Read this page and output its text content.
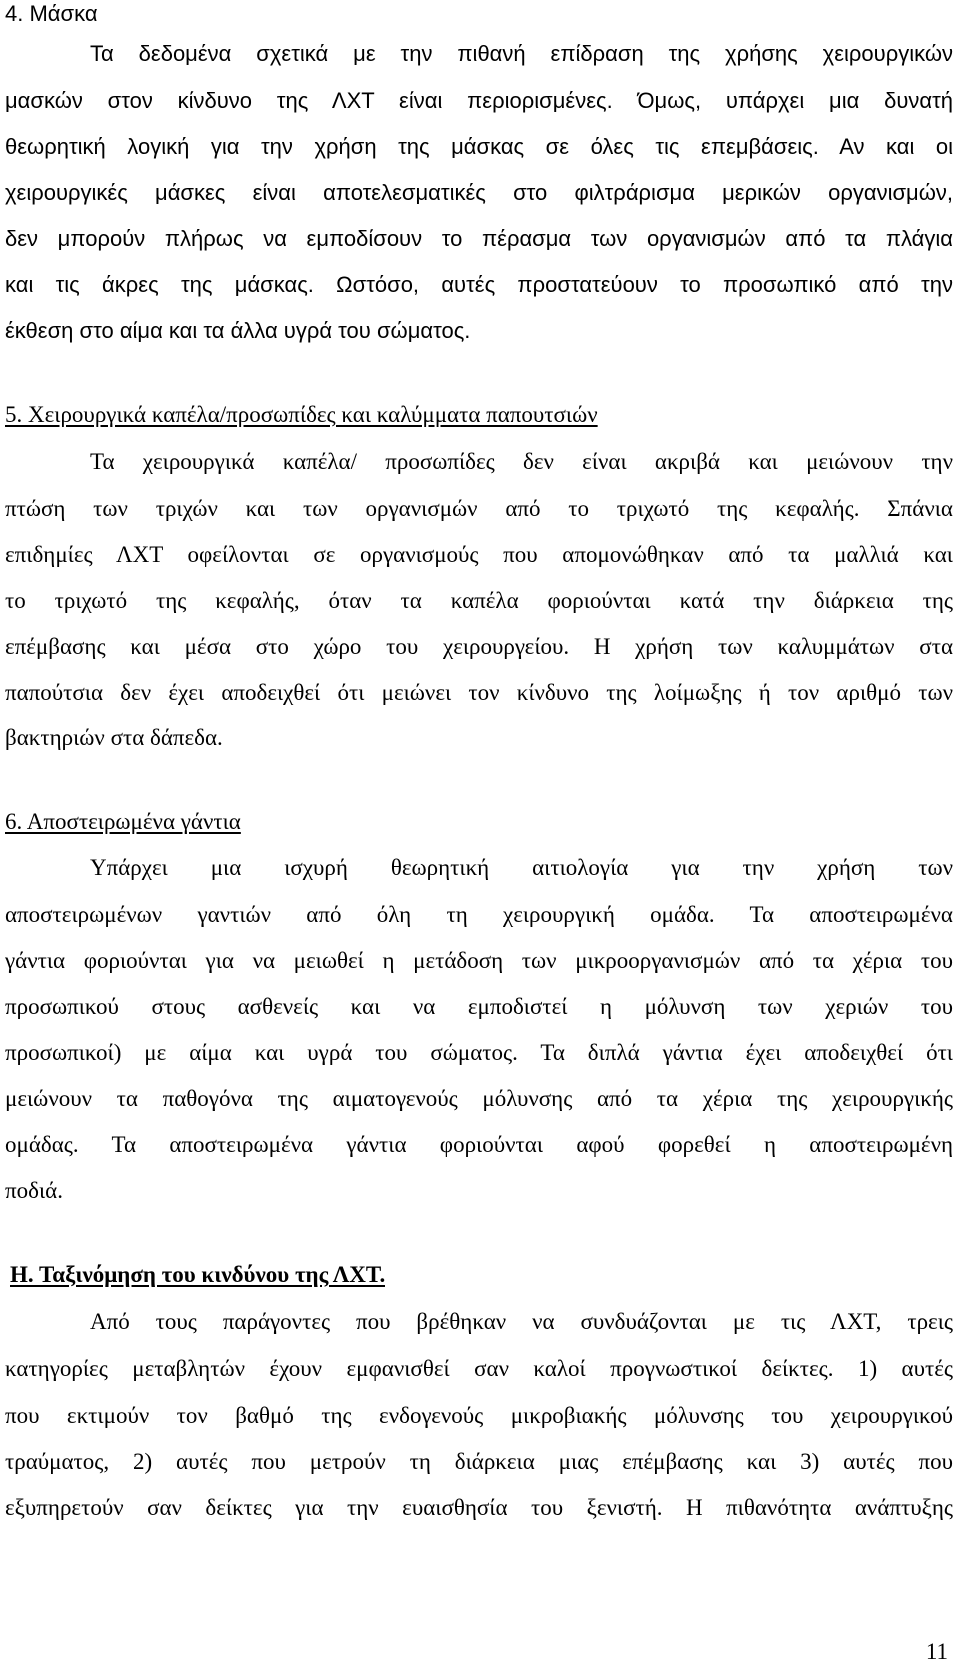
4. Μάσκα
Τα δεδομένα σχετικά με την πιθανή επίδραση της χρήσης χειρουργικών
μασκών στον κίνδυνο της ΛΧΤ είναι περιορισμένες. Όμως, υπάρχει μια δυνατή
θεωρητική λογική για την χρήση της μάσκας σε όλες τις επεμβάσεις. Αν και οι
χειρουργικές μάσκες είναι αποτελεσματικές στο φιλτράρισμα μερικών οργανισμών,
δεν μπορούν πλήρως να εμποδίσουν το πέρασμα των οργανισμών από τα πλάγια
και τις άκρες της μάσκας. Ωστόσο, αυτές προστατεύουν το προσωπικό από την
έκθεση στο αίμα και τα άλλα υγρά του σώματος.
5. Χειρουργικά καπέλα/προσωπίδες και καλύμματα παπουτσιών
Τα χειρουργικά καπέλα/ προσωπίδες δεν είναι ακριβά και μειώνουν την
πτώση των τριχών και των οργανισμών από το τριχωτό της κεφαλής. Σπάνια
επιδημίες ΛΧΤ οφείλονται σε οργανισμούς που απομονώθηκαν από τα μαλλιά και
το τριχωτό της κεφαλής, όταν τα καπέλα φοριούνται κατά την διάρκεια της
επέμβασης και μέσα στο χώρο του χειρουργείου. Η χρήση των καλυμμάτων στα
παπούτσια δεν έχει αποδειχθεί ότι μειώνει τον κίνδυνο της λοίμωξης ή τον αριθμό των
βακτηριών στα δάπεδα.
6. Αποστειρωμένα γάντια
Υπάρχει μια ισχυρή θεωρητική αιτιολογία για την χρήση των
αποστειρωμένων γαντιών από όλη τη χειρουργική ομάδα. Τα αποστειρωμένα
γάντια φοριούνται για να μειωθεί η μετάδοση των μικροοργανισμών από τα χέρια του
προσωπικού στους ασθενείς και να εμποδιστεί η μόλυνση των χεριών του
προσωπικοί) με αίμα και υγρά του σώματος. Τα διπλά γάντια έχει αποδειχθεί ότι
μειώνουν τα παθογόνα της αιματογενούς μόλυνσης από τα χέρια της χειρουργικής
ομάδας. Τα αποστειρωμένα γάντια φοριούνται αφού φορεθεί η αποστειρωμένη
ποδιά.
Η. Ταξινόμηση του κινδύνου της ΛΧΤ.
Από τους παράγοντες που βρέθηκαν να συνδυάζονται με τις ΛΧΤ, τρεις
κατηγορίες μεταβλητών έχουν εμφανισθεί σαν καλοί προγνωστικοί δείκτες. 1) αυτές
που εκτιμούν τον βαθμό της ενδογενούς μικροβιακής μόλυνσης του χειρουργικού
τραύματος, 2) αυτές που μετρούν τη διάρκεια μιας επέμβασης και 3) αυτές που
εξυπηρετούν σαν δείκτες για την ευαισθησία του ξενιστή. Η πιθανότητα ανάπτυξης
11
